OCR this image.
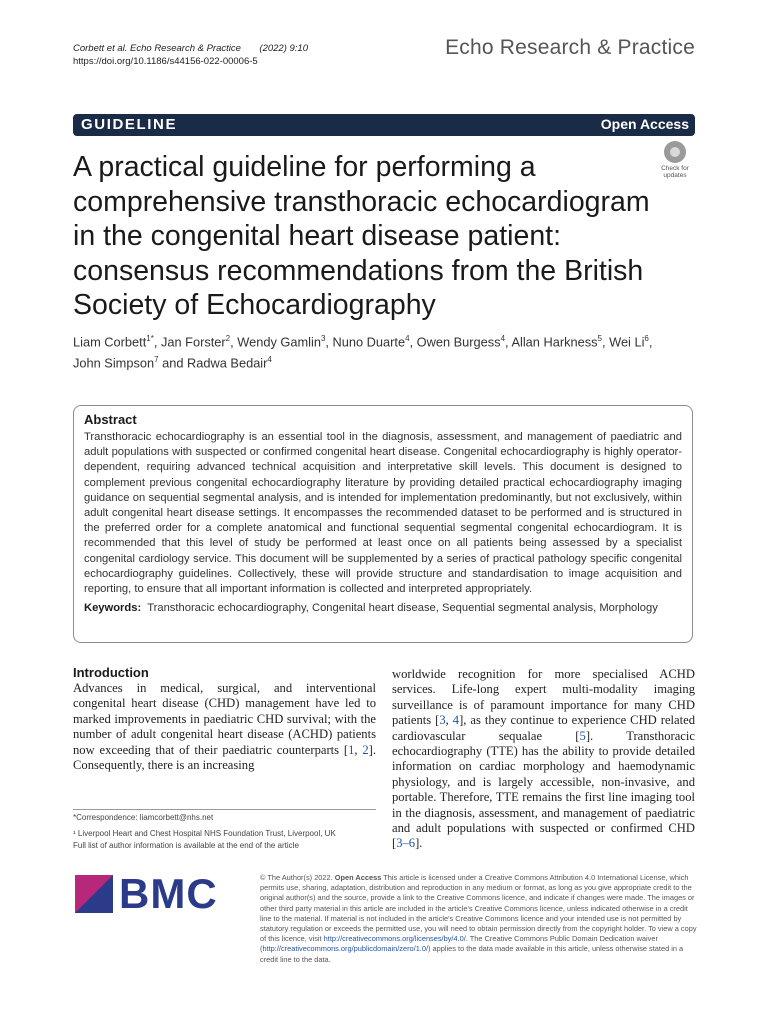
Corbett et al. Echo Research & Practice (2022) 9:10
https://doi.org/10.1186/s44156-022-00006-5
Echo Research & Practice
GUIDELINE	Open Access
A practical guideline for performing a comprehensive transthoracic echocardiogram in the congenital heart disease patient: consensus recommendations from the British Society of Echocardiography
Check for
updates
Liam Corbett$^{1*}$, Jan Forster$^2$, Wendy Gamlin$^3$, Nuno Duarte$^4$, Owen Burgess$^4$, Allan Harkness$^5$, Wei Li$^6$,
John Simpson$^7$ and Radwa Bedair$^4$
Abstract

Transthoracic echocardiography is an essential tool in the diagnosis, assessment, and management of paediatric and adult populations with suspected or confirmed congenital heart disease. Congenital echocardiography is highly operator-dependent, requiring advanced technical acquisition and interpretative skill levels. This document is designed to complement previous congenital echocardiography literature by providing detailed practical echocardiography imaging guidance on sequential segmental analysis, and is intended for implementation predominantly, but not exclusively, within adult congenital heart disease settings. It encompasses the recommended dataset to be performed and is structured in the preferred order for a complete anatomical and functional sequential segmental congenital echocardiogram. It is recommended that this level of study be performed at least once on all patients being assessed by a specialist congenital cardiology service. This document will be supplemented by a series of practical pathology specific congenital echocardiography guidelines. Collectively, these will provide structure and standardisation to image acquisition and reporting, to ensure that all important information is collected and interpreted appropriately.

Keywords: Transthoracic echocardiography, Congenital heart disease, Sequential segmental analysis, Morphology

Introduction

Advances in medical, surgical, and interventional congenital heart disease (CHD) management have led to marked improvements in paediatric CHD survival; with the number of adult congenital heart disease (ACHD) patients now exceeding that of their paediatric counterparts [1, 2]. Consequently, there is an increasing

worldwide recognition for more specialised ACHD services. Life-long expert multi-modality imaging surveillance is of paramount importance for many CHD patients [3, 4], as they continue to experience CHD related cardiovascular sequalae [5]. Transthoracic echocardiography (TTE) has the ability to provide detailed information on cardiac morphology and haemodynamic physiology, and is largely accessible, non-invasive, and portable. Therefore, TTE remains the first line imaging tool in the diagnosis, assessment, and management of paediatric and adult populations with suspected or confirmed CHD [3–6].

*Correspondence: liamcorbett@nhs.net
¹ Liverpool Heart and Chest Hospital NHS Foundation Trust, Liverpool, UK
Full list of author information is available at the end of the article
BMC	© The Author(s) 2022. Open Access This article is licensed under a Creative Commons Attribution 4.0 International License, which permits use, sharing, adaptation, distribution and reproduction in any medium or format, as long as you give appropriate credit to the original author(s) and the source, provide a link to the Creative Commons licence, and indicate if changes were made. The images or other third party material in this article are included in the article's Creative Commons licence, unless indicated otherwise in a credit line to the material. If material is not included in the article's Creative Commons licence and your intended use is not permitted by statutory regulation or exceeds the permitted use, you will need to obtain permission directly from the copyright holder. To view a copy of this licence, visit http://creativecommons.org/licenses/by/4.0/. The Creative Commons Public Domain Dedication waiver (http://creativecommons.org/publicdomain/zero/1.0/) applies to the data made available in this article, unless otherwise stated in a credit line to the data.
